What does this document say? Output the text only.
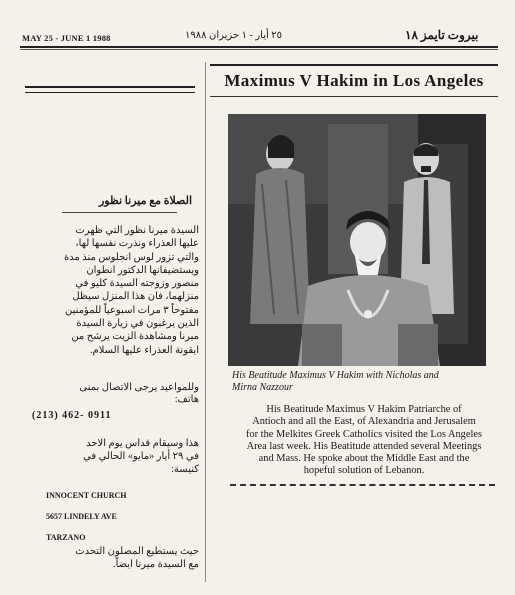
MAY 25 - JUNE 1 1988	٢٥ أيار - ١ حزيران ١٩٨٨	بيروت تايمز ١٨
الصلاة مع ميرنا نظور
السيدة ميرنا نظور التي ظهرت
عليها العذراء ونذرت نفسها لها،
والتي تزور لوس انجلوس منذ مدة
ويستضيفانها الدكتور انطوان
منصور وزوجته السيدة كليو في
منزلهما، فان هذا المنزل سيظل
مفتوحاً ٣ مرات اسبوعياً للمؤمنين
الذين يرغبون في زيارة السيدة
ميرنا ومشاهدة الزيت يرشح من
ايقونة العذراء عليها السلام.
وللمواعيد يرجى الاتصال بمنى
هاتف:
(213) 462- 0911
هذا وسيقام قداس يوم الاحد
في ٢٩ أيار «مايو» الحالي في
كنيسة:
INNOCENT CHURCH
5657 LINDELY AVE
TARZANO
حيث يستطيع المصلون التحدث
مع السيدة ميرنا ايضاً.
Maximus V Hakim in Los Angeles
His Beatitude Maximus V Hakim with Nicholas and
Mirna Nazzour
His Beatitude Maximus V Hakim Patriarche of
Antioch and all the East, of Alexandria and Jerusalem
for the Melkites Greek Catholics visited the Los Angeles
Area last week. His Beatitude attended several Meetings
and Mass. He spoke about the Middle East and the
hopeful solution of Lebanon.
